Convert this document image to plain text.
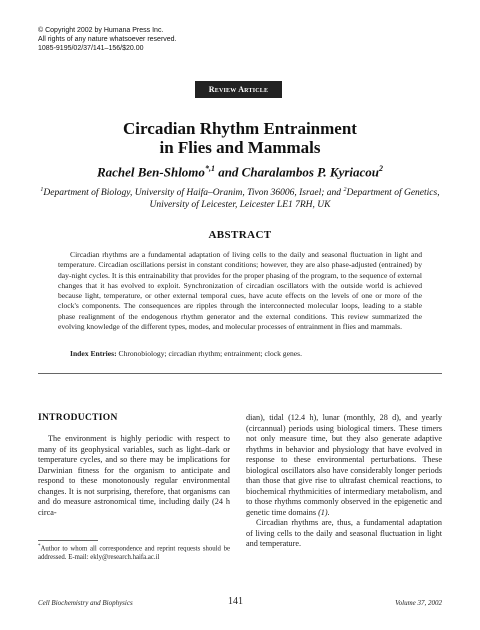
© Copyright 2002 by Humana Press Inc.
All rights of any nature whatsoever reserved.
1085-9195/02/37/141–156/$20.00
Review Article
Circadian Rhythm Entrainment
in Flies and Mammals
Rachel Ben-Shlomo$^{*,1}$ and Charalambos P. Kyriacou$^2$
$^1$Department of Biology, University of Haifa–Oranim, Tivon 36006, Israel; and $^2$Department of Genetics, University of Leicester, Leicester LE1 7RH, UK
ABSTRACT

Circadian rhythms are a fundamental adaptation of living cells to the daily and seasonal fluctuation in light and temperature. Circadian oscillations persist in constant conditions; however, they are also phase-adjusted (entrained) by day-night cycles. It is this entrainability that provides for the proper phasing of the program, to the sequence of external changes that it has evolved to exploit. Synchronization of circadian oscillators with the outside world is achieved because light, temperature, or other external temporal cues, have acute effects on the levels of one or more of the clock's components. The consequences are ripples through the interconnected molecular loops, leading to a stable phase realignment of the endogenous rhythm generator and the external conditions. This review summarized the evolving knowledge of the different types, modes, and molecular processes of entrainment in flies and mammals.

Index Entries: Chronobiology; circadian rhythm; entrainment; clock genes.

INTRODUCTION

The environment is highly periodic with respect to many of its geophysical variables, such as light–dark or temperature cycles, and so there may be implications for Darwinian fitness for the organism to anticipate and respond to these monotonously regular environmental changes. It is not surprising, therefore, that organisms can and do measure astronomical time, including daily (24 h circa-

*Author to whom all correspondence and reprint requests should be addressed. E-mail: ekly@research.haifa.ac.il

dian), tidal (12.4 h), lunar (monthly, 28 d), and yearly (circannual) periods using biological timers. These timers not only measure time, but they also generate adaptive rhythms in behavior and physiology that have evolved in response to these environmental perturbations. These biological oscillators also have considerably longer periods than those that give rise to ultrafast chemical reactions, to biochemical rhythmicities of intermediary metabolism, and to those rhythms commonly observed in the epigenetic and genetic time domains (1).

Circadian rhythms are, thus, a fundamental adaptation of living cells to the daily and seasonal fluctuation in light and temperature.

Cell Biochemistry and Biophysics	141	Volume 37, 2002
